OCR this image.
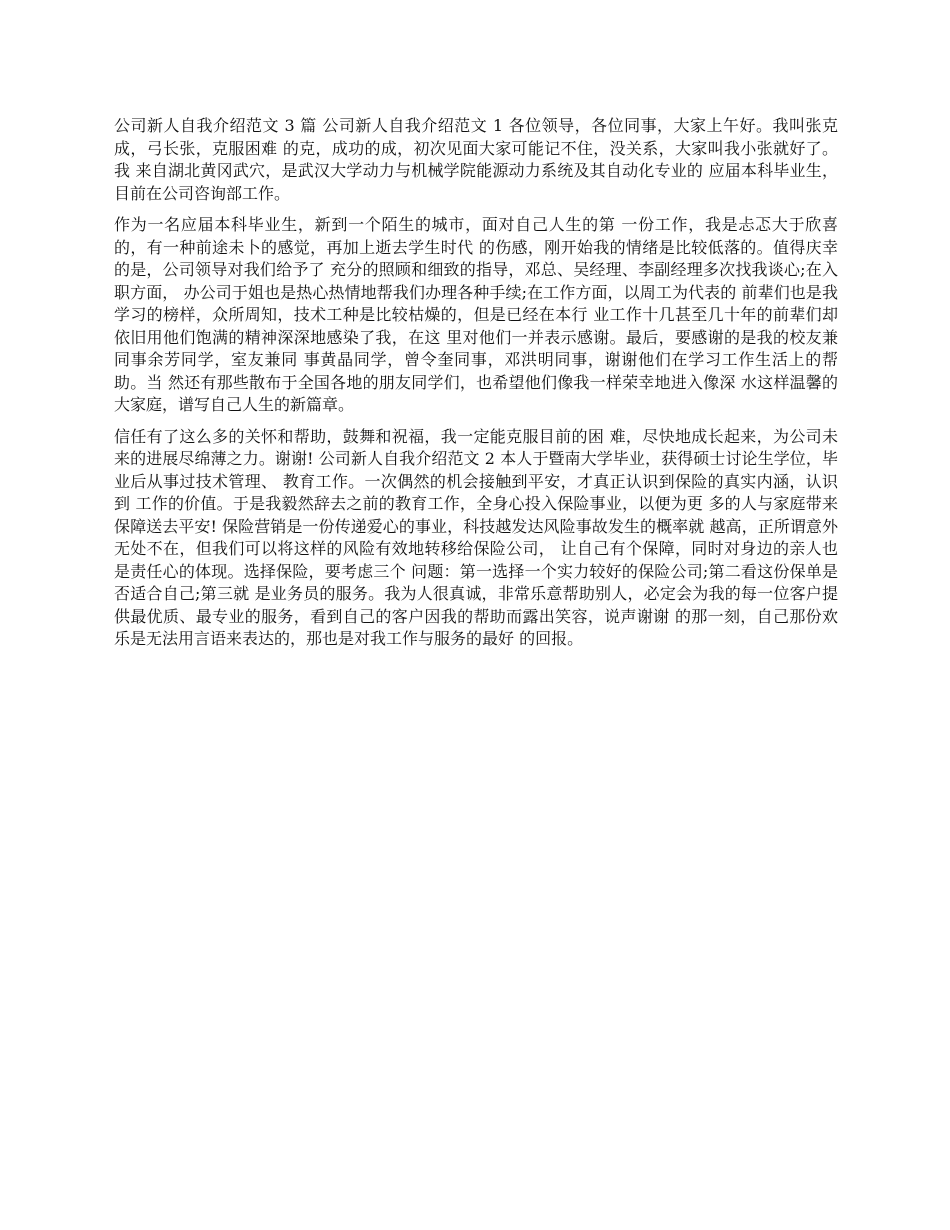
公司新人自我介绍范文 3 篇 公司新人自我介绍范文 1 各位领导，各位同事，大家上午好。我叫张克成，弓长张，克服困难 的克，成功的成，初次见面大家可能记不住，没关系，大家叫我小张就好了。我 来自湖北黄冈武穴，是武汉大学动力与机械学院能源动力系统及其自动化专业的 应届本科毕业生，目前在公司咨询部工作。

作为一名应届本科毕业生，新到一个陌生的城市，面对自己人生的第 一份工作，我是忐忑大于欣喜的，有一种前途未卜的感觉，再加上逝去学生时代 的伤感，刚开始我的情绪是比较低落的。值得庆幸的是，公司领导对我们给予了 充分的照顾和细致的指导，邓总、吴经理、李副经理多次找我谈心;在入职方面， 办公司于姐也是热心热情地帮我们办理各种手续;在工作方面，以周工为代表的 前辈们也是我学习的榜样，众所周知，技术工种是比较枯燥的，但是已经在本行 业工作十几甚至几十年的前辈们却依旧用他们饱满的精神深深地感染了我，在这 里对他们一并表示感谢。最后，要感谢的是我的校友兼同事余芳同学，室友兼同 事黄晶同学，曾令奎同事，邓洪明同事，谢谢他们在学习工作生活上的帮助。当 然还有那些散布于全国各地的朋友同学们，也希望他们像我一样荣幸地进入像深 水这样温馨的大家庭，谱写自己人生的新篇章。

信任有了这么多的关怀和帮助，鼓舞和祝福，我一定能克服目前的困 难，尽快地成长起来，为公司未来的进展尽绵薄之力。谢谢! 公司新人自我介绍范文 2 本人于暨南大学毕业，获得硕士讨论生学位，毕业后从事过技术管理、 教育工作。一次偶然的机会接触到平安，才真正认识到保险的真实内涵，认识到 工作的价值。于是我毅然辞去之前的教育工作，全身心投入保险事业，以便为更 多的人与家庭带来保障送去平安! 保险营销是一份传递爱心的事业，科技越发达风险事故发生的概率就 越高，正所谓意外无处不在，但我们可以将这样的风险有效地转移给保险公司， 让自己有个保障，同时对身边的亲人也是责任心的体现。选择保险，要考虑三个 问题：第一选择一个实力较好的保险公司;第二看这份保单是否适合自己;第三就 是业务员的服务。我为人很真诚，非常乐意帮助别人，必定会为我的每一位客户提供最优质、最专业的服务，看到自己的客户因我的帮助而露出笑容，说声谢谢 的那一刻，自己那份欢乐是无法用言语来表达的，那也是对我工作与服务的最好 的回报。
